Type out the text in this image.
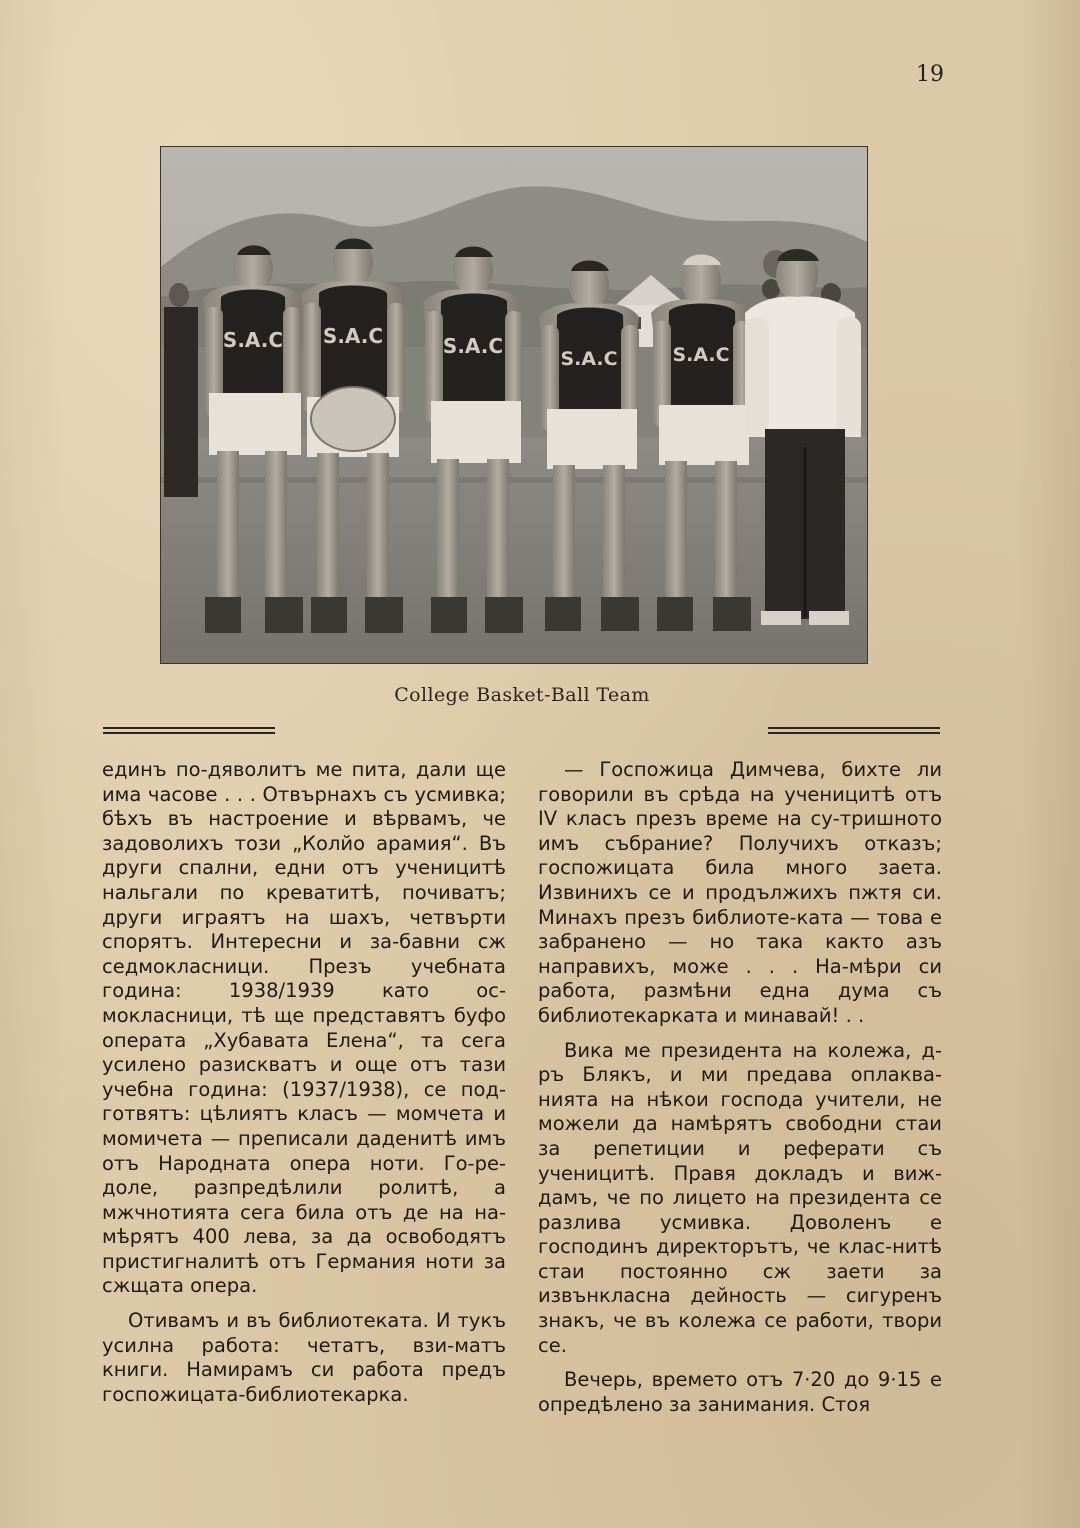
19
S.A.C S.A.C	S.A.C
S.A.C	S.A.C
College Basket-Ball Team

единъ по-дяволитъ ме пита, дали ще има часове . . . Отвърнахъ съ усмивка; бѣхъ въ настроение и вѣрвамъ, че задоволихъ този „Колйо арамия“. Въ други спални, едни отъ ученицитѣ нальгали по креватитѣ, почиватъ; други играятъ на шахъ, четвърти спорятъ. Интересни и за-бавни сж седмокласници. Презъ учебната година: 1938/1939 като ос-мокласници, тѣ ще представятъ буфо операта „Хубавата Елена“, та сега усилено разискватъ и още отъ тази учебна година: (1937/1938), се под-готвятъ: цѣлиятъ класъ — момчета и момичета — преписали даденитѣ имъ отъ Народната опера ноти. Го-ре-доле, разпредѣлили ролитѣ, а мжчнотията сега била отъ де на на-мѣрятъ 400 лева, за да освободятъ пристигналитѣ отъ Германия ноти за сжщата опера.

Отивамъ и въ библиотеката. И тукъ усилна работа: четатъ, взи-матъ книги. Намирамъ си работа предъ госпожицата-библиотекарка.

— Госпожица Димчева, бихте ли говорили въ срѣда на ученицитѣ отъ IV класъ презъ време на су-тришното имъ събрание? Получихъ отказъ; госпожицата била много заета. Извинихъ се и продължихъ пжтя си. Минахъ презъ библиоте-ката — това е забранено — но така както азъ направихъ, може . . . На-мѣри си работа, размѣни една дума съ библиотекарката и минавай! . .

Вика ме президента на колежа, д-ръ Блякъ, и ми предава оплаква-нията на нѣкои господа учители, не можели да намѣрятъ свободни стаи за репетиции и реферати съ ученицитѣ. Правя докладъ и виж-дамъ, че по лицето на президента се разлива усмивка. Доволенъ е господинъ директорътъ, че клас-нитѣ стаи постоянно сж заети за извънкласна дейность — сигуренъ знакъ, че въ колежа се работи, твори се.

Вечерь, времето отъ 7·20 до 9·15 е опредѣлено за занимания. Стоя
